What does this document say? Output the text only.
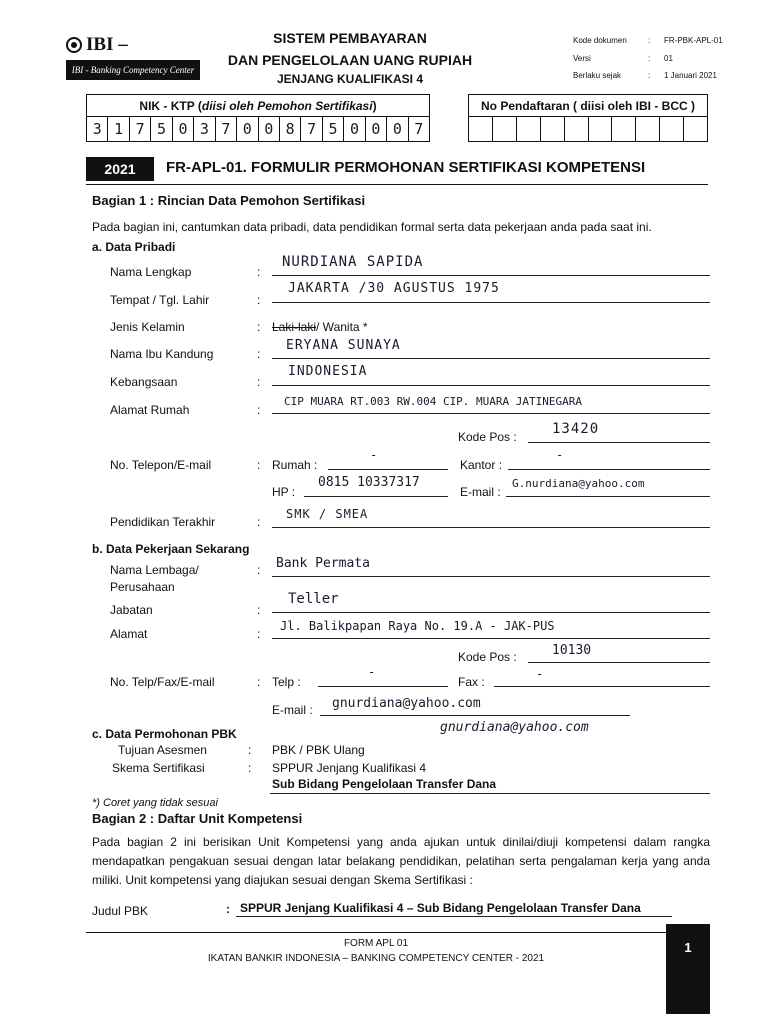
IBI –
IBI - Banking Competency Center
SISTEM PEMBAYARAN
DAN PENGELOLAAN UANG RUPIAH
JENJANG KUALIFIKASI 4
Kode dokumen	: FR-PBK-APL-01
Versi	: 01
Berlaku sejak	: 1 Januari 2021
NIK - KTP ( diisi oleh Pemohon Sertifikasi )
3 1 7 5 0 3 7 0 0 8 7 5 0 0 0 7
No Pendaftaran ( diisi oleh IBI - BCC )
2021	FR-APL-01. FORMULIR PERMOHONAN SERTIFIKASI KOMPETENSI
Bagian 1 : Rincian Data Pemohon Sertifikasi
Pada bagian ini, cantumkan data pribadi, data pendidikan formal serta data pekerjaan anda pada saat ini.
a. Data Pribadi
Nama Lengkap	:
NURDIANA SAPIDA
Tempat / Tgl. Lahir	:
JAKARTA /30 AGUSTUS 1975
Jenis Kelamin	: Laki-laki/ Wanita *
Nama Ibu Kandung	:
ERYANA SUNAYA
Kebangsaan	:
INDONESIA
Alamat Rumah	:
CIP MUARA RT.003 RW.004 CIP. MUARA JATINEGARA
Kode Pos :	13420
No. Telepon/E-mail	: Rumah :
-
Kantor :
-
HP :
0815 10337317
E-mail :
G.nurdiana@yahoo.com
Pendidikan Terakhir	:
SMK / SMEA
b. Data Pekerjaan Sekarang
Nama Lembaga/
Perusahaan
: Bank Permata
Jabatan	:
Teller
Alamat	:
Jl. Balikpapan Raya No. 19.A - JAK-PUS
Kode Pos :	10130
No. Telp/Fax/E-mail	: Telp :
-
Fax :
-
E-mail : gnurdiana@yahoo.com
c. Data Permohonan PBK	gnurdiana@yahoo.com
Tujuan Asesmen	: PBK / PBK Ulang
Skema Sertifikasi	: SPPUR Jenjang Kualifikasi 4
Sub Bidang Pengelolaan Transfer Dana
*) Coret yang tidak sesuai
Bagian 2 : Daftar Unit Kompetensi
Pada bagian 2 ini berisikan Unit Kompetensi yang anda ajukan untuk dinilai/diuji kompetensi dalam rangka mendapatkan pengakuan sesuai dengan latar belakang pendidikan, pelatihan serta pengalaman kerja yang anda miliki. Unit kompetensi yang diajukan sesuai dengan Skema Sertifikasi :
Judul PBK	: SPPUR Jenjang Kualifikasi 4 – Sub Bidang Pengelolaan Transfer Dana
FORM APL 01
IKATAN BANKIR INDONESIA – BANKING COMPETENCY CENTER - 2021
1
